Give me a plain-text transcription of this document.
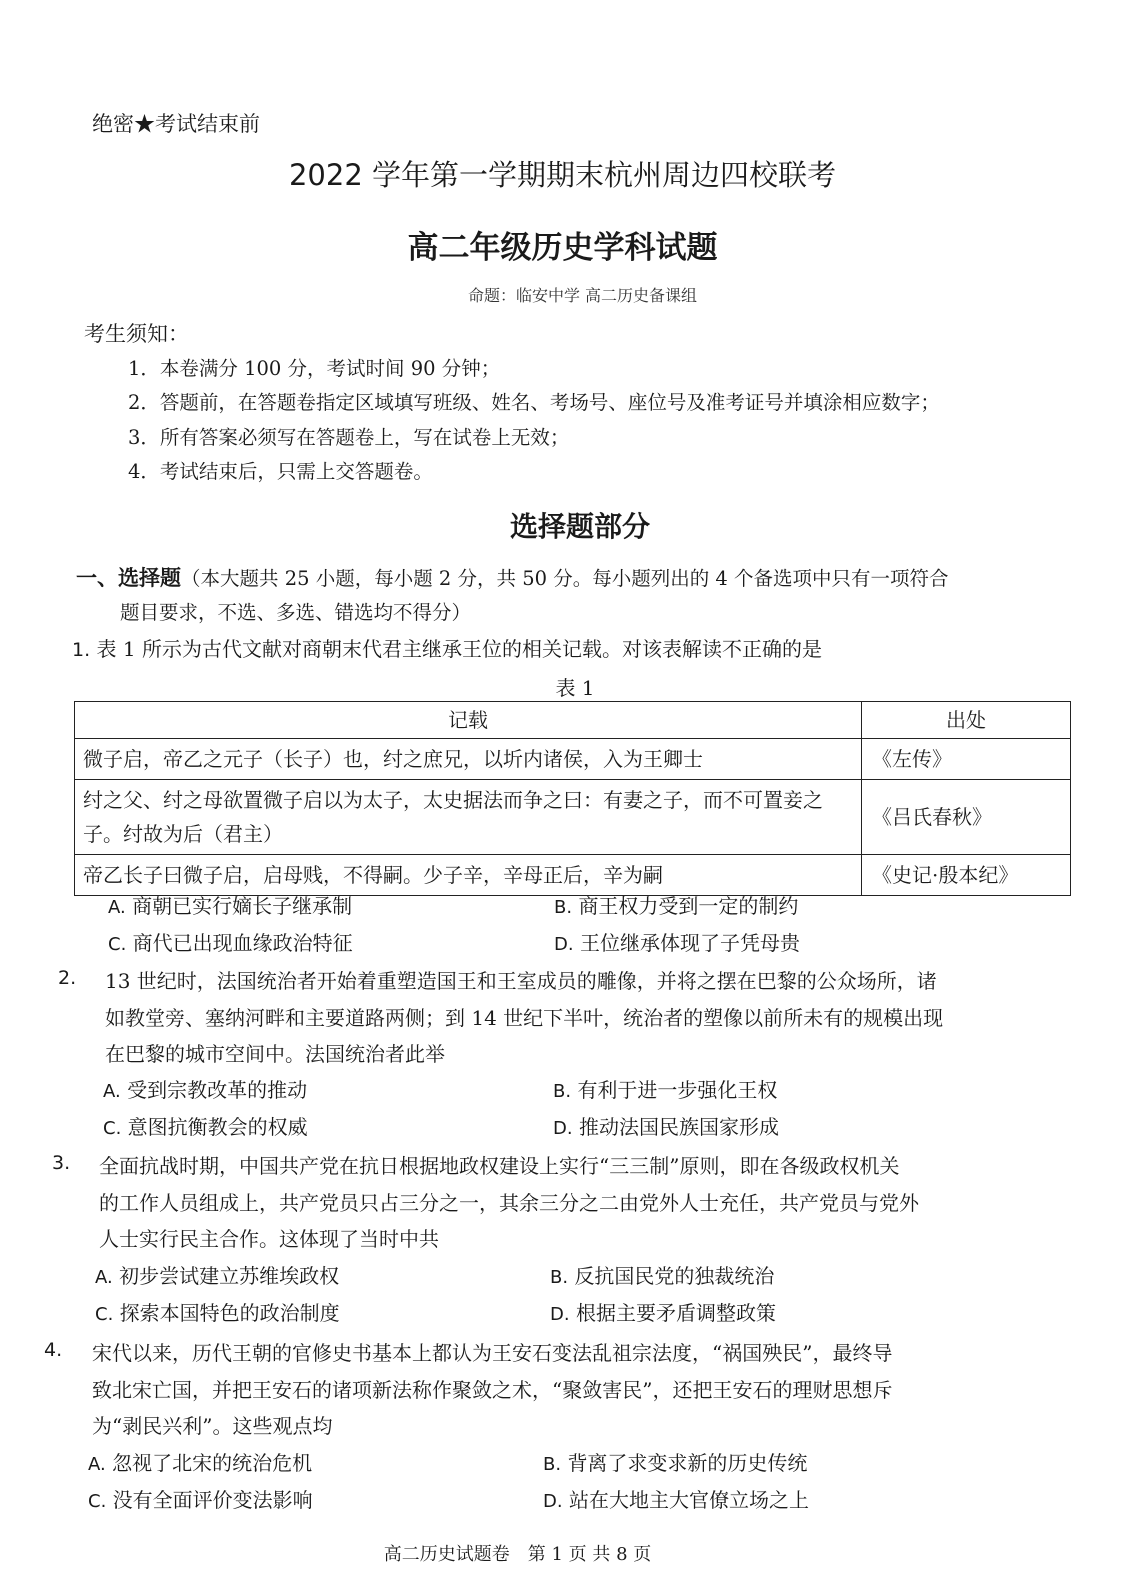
绝密★考试结束前
2022 学年第一学期期末杭州周边四校联考
高二年级历史学科试题
命题：临安中学 高二历史备课组
考生须知：
1．本卷满分 100 分，考试时间 90 分钟；
2．答题前，在答题卷指定区域填写班级、姓名、考场号、座位号及准考证号并填涂相应数字；
3．所有答案必须写在答题卷上，写在试卷上无效；
4．考试结束后，只需上交答题卷。
选择题部分
一、选择题（本大题共 25 小题，每小题 2 分，共 50 分。每小题列出的 4 个备选项中只有一项符合
题目要求，不选、多选、错选均不得分）
1. 表 1 所示为古代文献对商朝末代君主继承王位的相关记载。对该表解读不正确的是
表 1
记载	出处
微子启，帝乙之元子（长子）也，纣之庶兄，以圻内诸侯，入为王卿士	《左传》
纣之父、纣之母欲置微子启以为太子，太史据法而争之曰：有妻之子，而不可置妾之子。纣故为后（君主）	《吕氏春秋》
帝乙长子曰微子启，启母贱，不得嗣。少子辛，辛母正后，辛为嗣	《史记·殷本纪》
A. 商朝已实行嫡长子继承制	B. 商王权力受到一定的制约
C. 商代已出现血缘政治特征	D. 王位继承体现了子凭母贵
2. 13 世纪时，法国统治者开始着重塑造国王和王室成员的雕像，并将之摆在巴黎的公众场所，诸
如教堂旁、塞纳河畔和主要道路两侧；到 14 世纪下半叶，统治者的塑像以前所未有的规模出现
在巴黎的城市空间中。法国统治者此举
A. 受到宗教改革的推动	B. 有利于进一步强化王权
C. 意图抗衡教会的权威	D. 推动法国民族国家形成
3. 全面抗战时期，中国共产党在抗日根据地政权建设上实行“三三制”原则，即在各级政权机关
的工作人员组成上，共产党员只占三分之一，其余三分之二由党外人士充任，共产党员与党外
人士实行民主合作。这体现了当时中共
A. 初步尝试建立苏维埃政权	B. 反抗国民党的独裁统治
C. 探索本国特色的政治制度	D. 根据主要矛盾调整政策
4. 宋代以来，历代王朝的官修史书基本上都认为王安石变法乱祖宗法度，“祸国殃民”，最终导
致北宋亡国，并把王安石的诸项新法称作聚敛之术，“聚敛害民”，还把王安石的理财思想斥
为“剥民兴利”。这些观点均
A. 忽视了北宋的统治危机	B. 背离了求变求新的历史传统
C. 没有全面评价变法影响	D. 站在大地主大官僚立场之上
高二历史试题卷　第 1 页 共 8 页
